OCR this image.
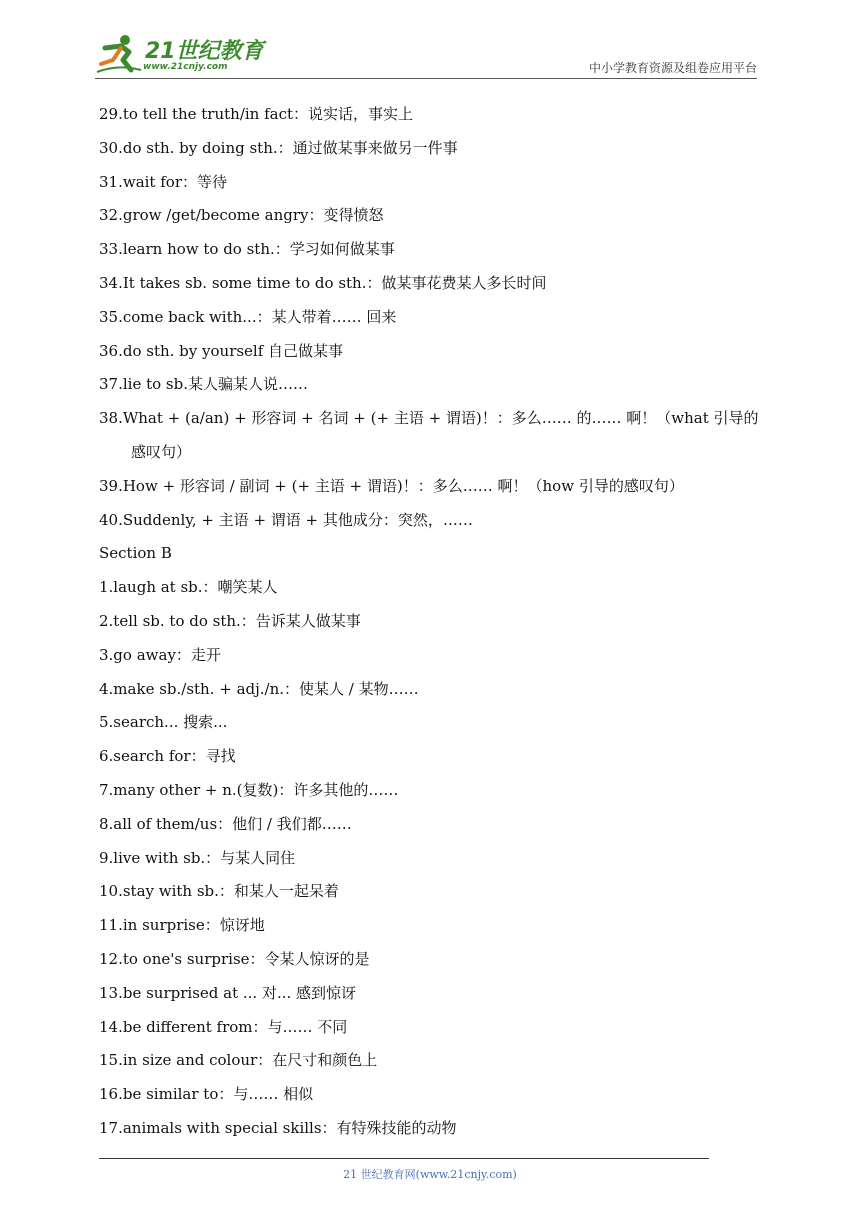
21世纪教育
www.21cnjy.com	中小学教育资源及组卷应用平台
29.to tell the truth/in fact：说实话，事实上
30.do sth. by doing sth.：通过做某事来做另一件事
31.wait for：等待
32.grow /get/become angry：变得愤怒
33.learn how to do sth.：学习如何做某事
34.It takes sb. some time to do sth.：做某事花费某人多长时间
35.come back with...：某人带着…… 回来
36.do sth. by yourself 自己做某事
37.lie to sb.某人骗某人说……
38.What + (a/an) + 形容词 + 名词 + (+ 主语 + 谓语)！：多么…… 的…… 啊！（what 引导的感叹句）
39.How + 形容词 / 副词 + (+ 主语 + 谓语)！：多么…… 啊！（how 引导的感叹句）
40.Suddenly, + 主语 + 谓语 + 其他成分：突然，……
Section B
1.laugh at sb.：嘲笑某人
2.tell sb. to do sth.：告诉某人做某事
3.go away：走开
4.make sb./sth. + adj./n.：使某人 / 某物……
5.search... 搜索...
6.search for：寻找
7.many other + n.(复数)：许多其他的……
8.all of them/us：他们 / 我们都……
9.live with sb.：与某人同住
10.stay with sb.：和某人一起呆着
11.in surprise：惊讶地
12.to one's surprise：令某人惊讶的是
13.be surprised at ... 对... 感到惊讶
14.be different from：与…… 不同
15.in size and colour：在尺寸和颜色上
16.be similar to：与…… 相似
17.animals with special skills：有特殊技能的动物
21 世纪教育网(www.21cnjy.com)
